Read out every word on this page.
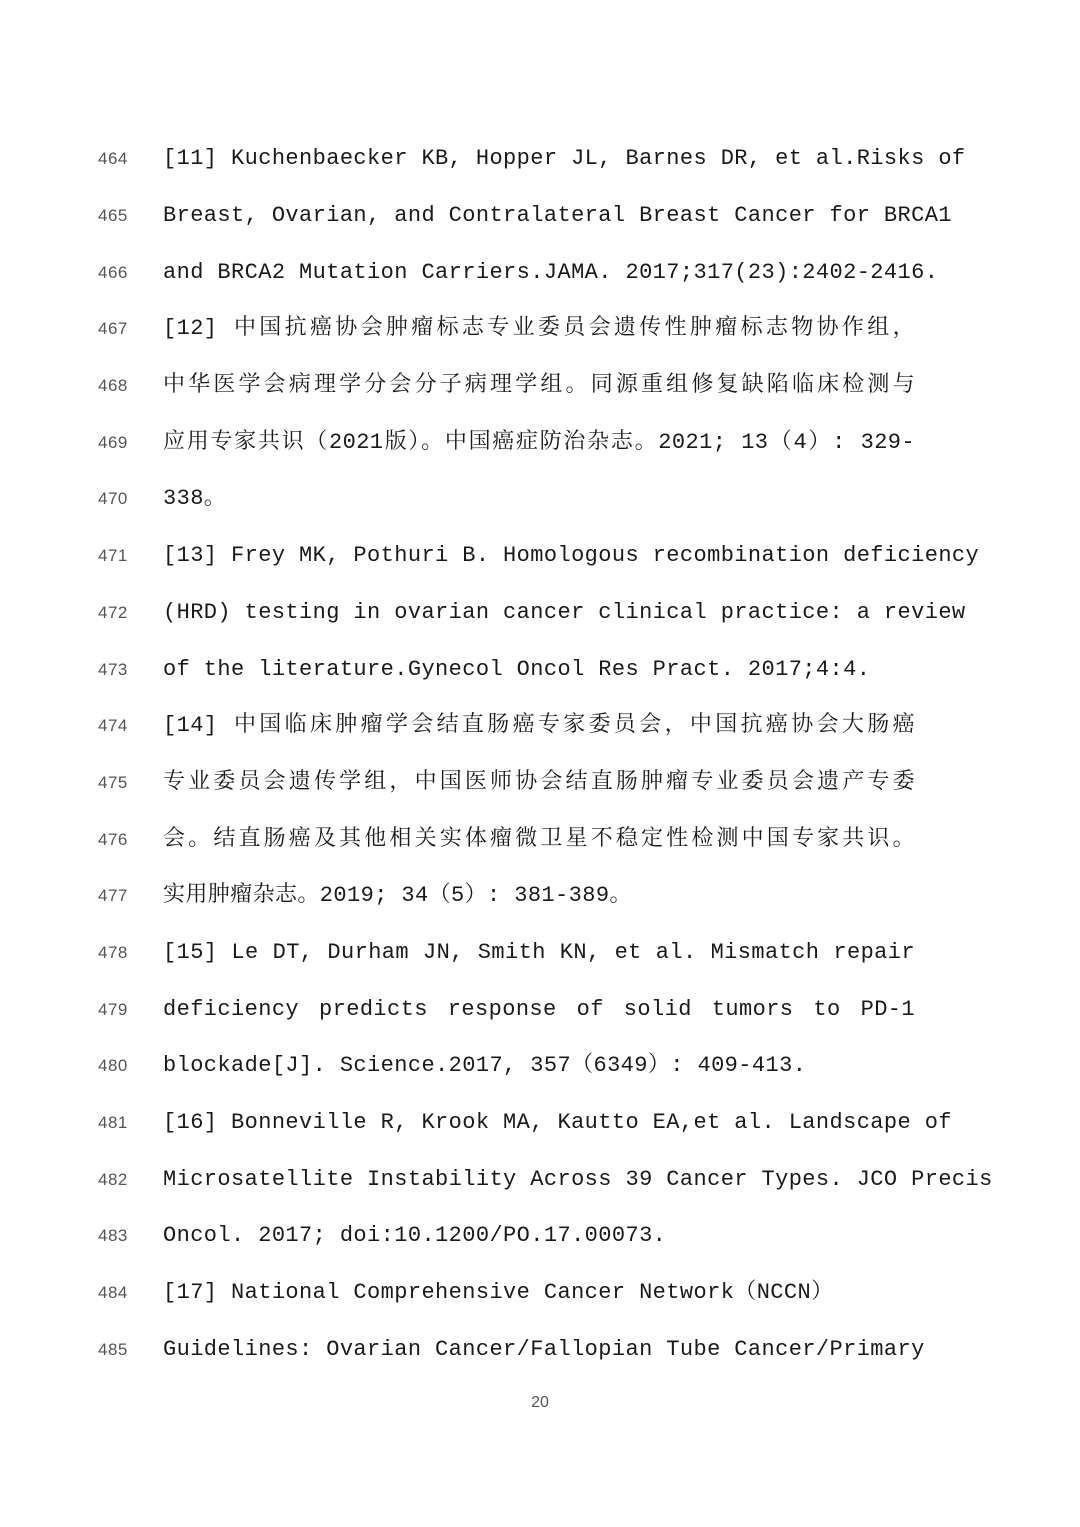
464	[11] Kuchenbaecker KB, Hopper JL, Barnes DR, et al.Risks of
465	Breast, Ovarian, and Contralateral Breast Cancer for BRCA1
466	and BRCA2 Mutation Carriers.JAMA. 2017;317(23):2402-2416.
467	[12] 中国抗癌协会肿瘤标志专业委员会遗传性肿瘤标志物协作组，
468	中华医学会病理学分会分子病理学组。同源重组修复缺陷临床检测与
469	应用专家共识（2021版）。中国癌症防治杂志。2021; 13（4）: 329-
470	338。
471	[13] Frey MK, Pothuri B. Homologous recombination deficiency
472	(HRD) testing in ovarian cancer clinical practice: a review
473	of the literature.Gynecol Oncol Res Pract. 2017;4:4.
474	[14] 中国临床肿瘤学会结直肠癌专家委员会，中国抗癌协会大肠癌
475	专业委员会遗传学组，中国医师协会结直肠肿瘤专业委员会遗产专委
476	会。结直肠癌及其他相关实体瘤微卫星不稳定性检测中国专家共识。
477	实用肿瘤杂志。2019; 34（5）: 381-389。
478	[15] Le DT, Durham JN, Smith KN, et al. Mismatch repair
479	deficiency predicts response of solid tumors to PD-1
480	blockade[J]. Science.2017, 357（6349）: 409-413.
481	[16] Bonneville R, Krook MA, Kautto EA,et al. Landscape of
482	Microsatellite Instability Across 39 Cancer Types. JCO Precis
483	Oncol. 2017; doi:10.1200/PO.17.00073.
484	[17] National Comprehensive Cancer Network（NCCN）
485	Guidelines: Ovarian Cancer/Fallopian Tube Cancer/Primary
20
